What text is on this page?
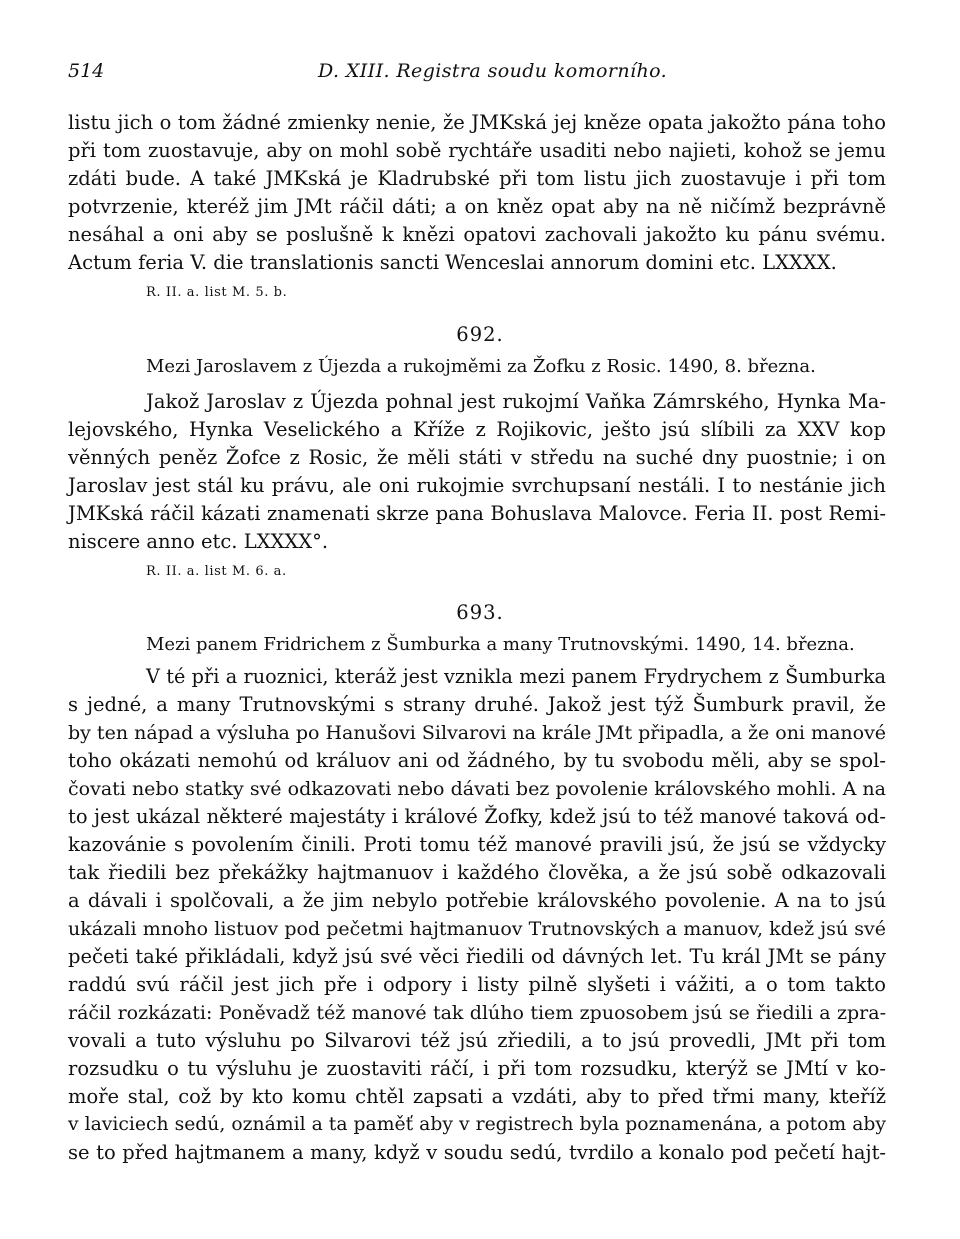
514	D. XIII. Registra soudu komorního.
listu jich o tom žádné zmienky nenie, že JMKská jej kněze opata jakožto pána toho
při tom zuostavuje, aby on mohl sobě rychtáře usaditi nebo najieti, kohož se jemu
zdáti bude. A také JMKská je Kladrubské při tom listu jich zuostavuje i při tom
potvrzenie, kteréž jim JMt ráčil dáti; a on kněz opat aby na ně ničímž bezprávně
nesáhal a oni aby se poslušně k knězi opatovi zachovali jakožto ku pánu svému.
Actum feria V. die translationis sancti Wenceslai annorum domini etc. LXXXX.
R. II. a. list M. 5. b.
692.
Mezi Jaroslavem z Újezda a rukojměmi za Žofku z Rosic. 1490, 8. března.
Jakož Jaroslav z Újezda pohnal jest rukojmí Vaňka Zámrského, Hynka Ma-
lejovského, Hynka Veselického a Kříže z Rojikovic, ješto jsú slíbili za XXV kop
věnných peněz Žofce z Rosic, že měli státi v středu na suché dny puostnie; i on
Jaroslav jest stál ku právu, ale oni rukojmie svrchupsaní nestáli. I to nestánie jich
JMKská ráčil kázati znamenati skrze pana Bohuslava Malovce. Feria II. post Remi-
niscere anno etc. LXXXX°.
R. II. a. list M. 6. a.
693.
Mezi panem Fridrichem z Šumburka a many Trutnovskými. 1490, 14. března.
V té při a ruoznici, kteráž jest vznikla mezi panem Frydrychem z Šumburka
s jedné, a many Trutnovskými s strany druhé. Jakož jest týž Šumburk pravil, že
by ten nápad a výsluha po Hanušovi Silvarovi na krále JMt připadla, a že oni manové
toho okázati nemohú od králuov ani od žádného, by tu svobodu měli, aby se spol-
čovati nebo statky své odkazovati nebo dávati bez povolenie královského mohli. A na
to jest ukázal některé majestáty i králové Žofky, kdež jsú to též manové taková od-
kazovánie s povolením činili. Proti tomu též manové pravili jsú, že jsú se vždycky
tak řiedili bez překážky hajtmanuov i každého člověka, a že jsú sobě odkazovali
a dávali i spolčovali, a že jim nebylo potřebie královského povolenie. A na to jsú
ukázali mnoho listuov pod pečetmi hajtmanuov Trutnovských a manuov, kdež jsú své
pečeti také přikládali, když jsú své věci řiedili od dávných let. Tu král JMt se pány
raddú svú ráčil jest jich pře i odpory i listy pilně slyšeti i vážiti, a o tom takto
ráčil rozkázati: Poněvadž též manové tak dlúho tiem zpuosobem jsú se řiedili a zpra-
vovali a tuto výsluhu po Silvarovi též jsú zřiedili, a to jsú provedli, JMt při tom
rozsudku o tu výsluhu je zuostaviti ráčí, i při tom rozsudku, kterýž se JMtí v ko-
moře stal, což by kto komu chtěl zapsati a vzdáti, aby to před třmi many, kteříž
v laviciech sedú, oznámil a ta paměť aby v registrech byla poznamenána, a potom aby
se to před hajtmanem a many, když v soudu sedú, tvrdilo a konalo pod pečetí hajt-
